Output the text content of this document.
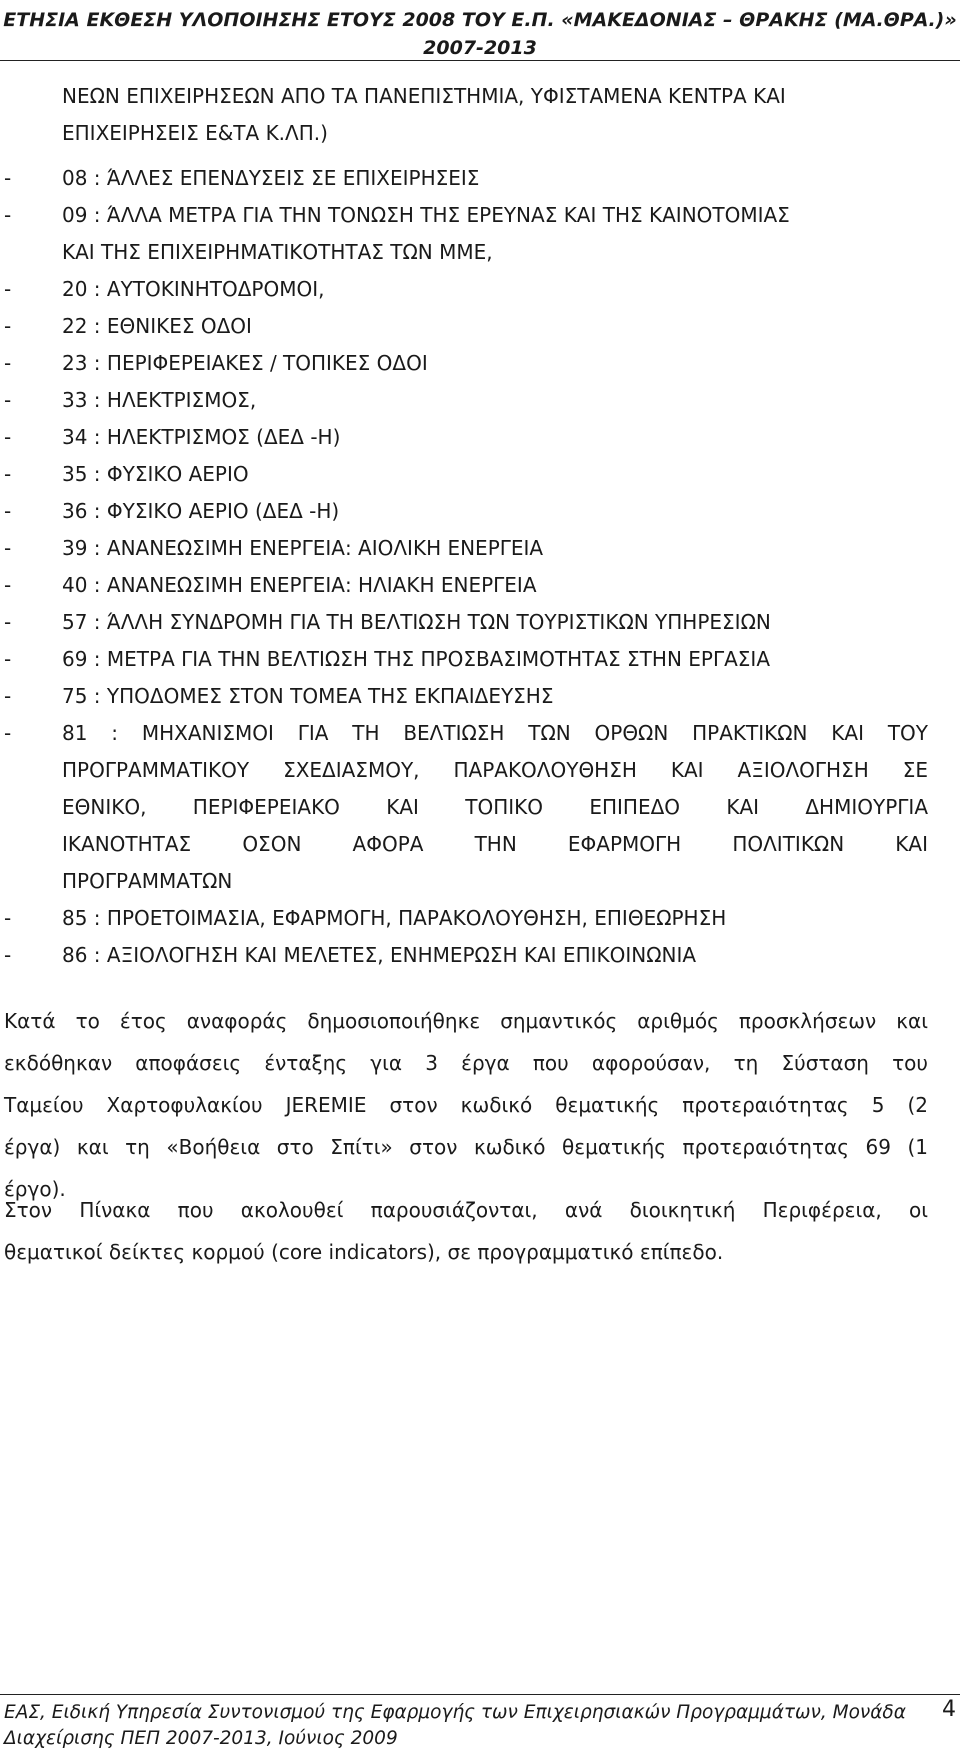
ΕΤΗΣΙΑ ΕΚΘΕΣΗ ΥΛΟΠΟΙΗΣΗΣ ΕΤΟΥΣ 2008 ΤΟΥ Ε.Π. «ΜΑΚΕΔΟΝΙΑΣ – ΘΡΑΚΗΣ (ΜΑ.ΘΡΑ.)»
2007-2013
ΝΕΩΝ ΕΠΙΧΕΙΡΗΣΕΩΝ ΑΠΟ ΤΑ ΠΑΝΕΠΙΣΤΗΜΙΑ, ΥΦΙΣΤΑΜΕΝΑ ΚΕΝΤΡΑ ΚΑΙ
ΕΠΙΧΕΙΡΗΣΕΙΣ Ε&ΤΑ Κ.ΛΠ.)
-	08 : ΆΛΛΕΣ ΕΠΕΝΔΥΣΕΙΣ ΣΕ ΕΠΙΧΕΙΡΗΣΕΙΣ
-	09 : ΆΛΛΑ ΜΕΤΡΑ ΓΙΑ ΤΗΝ ΤΟΝΩΣΗ ΤΗΣ ΕΡΕΥΝΑΣ ΚΑΙ ΤΗΣ ΚΑΙΝΟΤΟΜΙΑΣ
ΚΑΙ ΤΗΣ ΕΠΙΧΕΙΡΗΜΑΤΙΚΟΤΗΤΑΣ ΤΩΝ ΜΜΕ,
-	20 : ΑΥΤΟΚΙΝΗΤΟΔΡΟΜΟΙ,
-	22 : ΕΘΝΙΚΕΣ ΟΔΟΙ
-	23 : ΠΕΡΙΦΕΡΕΙΑΚΕΣ / ΤΟΠΙΚΕΣ ΟΔΟΙ
-	33 : ΗΛΕΚΤΡΙΣΜΟΣ,
-	34 : ΗΛΕΚΤΡΙΣΜΟΣ (ΔΕΔ -Η)
-	35 : ΦΥΣΙΚΟ ΑΕΡΙΟ
-	36 : ΦΥΣΙΚΟ ΑΕΡΙΟ (ΔΕΔ -Η)
-	39 : ΑΝΑΝΕΩΣΙΜΗ ΕΝΕΡΓΕΙΑ: ΑΙΟΛΙΚΗ ΕΝΕΡΓΕΙΑ
-	40 : ΑΝΑΝΕΩΣΙΜΗ ΕΝΕΡΓΕΙΑ: ΗΛΙΑΚΗ ΕΝΕΡΓΕΙΑ
-	57 : ΆΛΛΗ ΣΥΝΔΡΟΜΗ ΓΙΑ ΤΗ ΒΕΛΤΙΩΣΗ ΤΩΝ ΤΟΥΡΙΣΤΙΚΩΝ ΥΠΗΡΕΣΙΩΝ
-	69 : ΜΕΤΡΑ ΓΙΑ ΤΗΝ ΒΕΛΤΙΩΣΗ ΤΗΣ ΠΡΟΣΒΑΣΙΜΟΤΗΤΑΣ ΣΤΗΝ ΕΡΓΑΣΙΑ
-	75 : ΥΠΟΔΟΜΕΣ ΣΤΟΝ ΤΟΜΕΑ ΤΗΣ ΕΚΠΑΙΔΕΥΣΗΣ
-	81 : ΜΗΧΑΝΙΣΜΟΙ ΓΙΑ ΤΗ ΒΕΛΤΙΩΣΗ ΤΩΝ ΟΡΘΩΝ ΠΡΑΚΤΙΚΩΝ ΚΑΙ ΤΟΥ
ΠΡΟΓΡΑΜΜΑΤΙΚΟΥ ΣΧΕΔΙΑΣΜΟΥ, ΠΑΡΑΚΟΛΟΥΘΗΣΗ ΚΑΙ ΑΞΙΟΛΟΓΗΣΗ ΣΕ
ΕΘΝΙΚΟ, ΠΕΡΙΦΕΡΕΙΑΚΟ ΚΑΙ ΤΟΠΙΚΟ ΕΠΙΠΕΔΟ ΚΑΙ ΔΗΜΙΟΥΡΓΙΑ
ΙΚΑΝΟΤΗΤΑΣ ΟΣΟΝ ΑΦΟΡΑ ΤΗΝ ΕΦΑΡΜΟΓΗ ΠΟΛΙΤΙΚΩΝ ΚΑΙ
ΠΡΟΓΡΑΜΜΑΤΩΝ
-	85 : ΠΡΟΕΤΟΙΜΑΣΙΑ, ΕΦΑΡΜΟΓΗ, ΠΑΡΑΚΟΛΟΥΘΗΣΗ, ΕΠΙΘΕΩΡΗΣΗ
-	86 : ΑΞΙΟΛΟΓΗΣΗ ΚΑΙ ΜΕΛΕΤΕΣ, ΕΝΗΜΕΡΩΣΗ ΚΑΙ ΕΠΙΚΟΙΝΩΝΙΑ
Κατά το έτος αναφοράς δημοσιοποιήθηκε σημαντικός αριθμός προσκλήσεων και
εκδόθηκαν αποφάσεις ένταξης για 3 έργα που αφορούσαν, τη Σύσταση του
Ταμείου Χαρτοφυλακίου JEREMIE στον κωδικό θεματικής προτεραιότητας 5 (2
έργα) και τη «Βοήθεια στο Σπίτι» στον κωδικό θεματικής προτεραιότητας 69 (1
έργο).
Στον Πίνακα που ακολουθεί παρουσιάζονται, ανά διοικητική Περιφέρεια, οι
θεματικοί δείκτες κορμού (core indicators), σε προγραμματικό επίπεδο.
ΕΑΣ, Ειδική Υπηρεσία Συντονισμού της Εφαρμογής των Επιχειρησιακών Προγραμμάτων, Μονάδα
Διαχείρισης ΠΕΠ 2007-2013, Ιούνιος 2009
4
